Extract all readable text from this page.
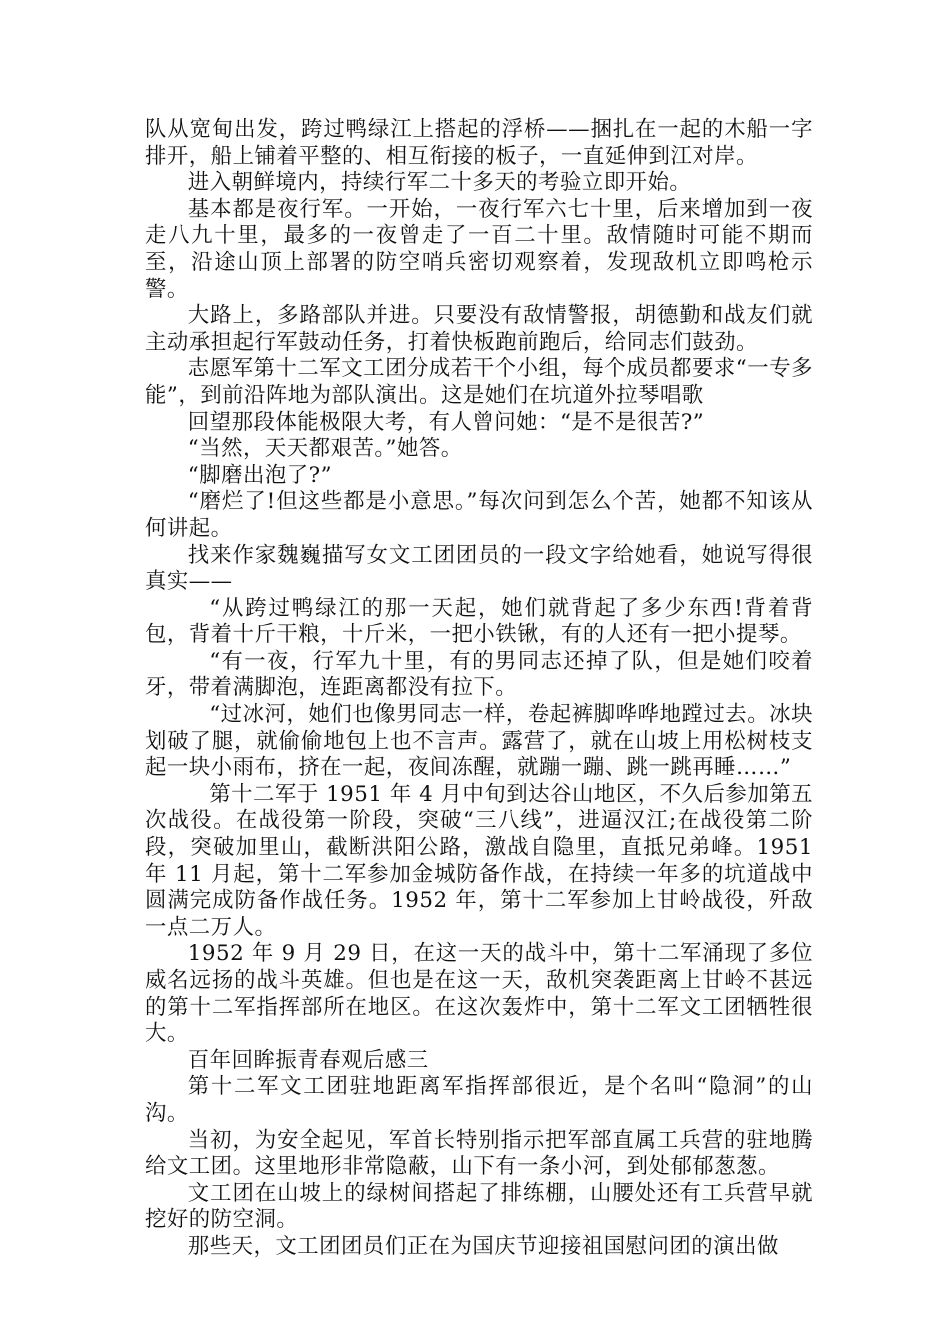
队从宽甸出发，跨过鸭绿江上搭起的浮桥——捆扎在一起的木船一字排开，船上铺着平整的、相互衔接的板子，一直延伸到江对岸。

进入朝鲜境内，持续行军二十多天的考验立即开始。

基本都是夜行军。一开始，一夜行军六七十里，后来增加到一夜走八九十里，最多的一夜曾走了一百二十里。敌情随时可能不期而至，沿途山顶上部署的防空哨兵密切观察着，发现敌机立即鸣枪示警。

大路上，多路部队并进。只要没有敌情警报，胡德勤和战友们就主动承担起行军鼓动任务，打着快板跑前跑后，给同志们鼓劲。

志愿军第十二军文工团分成若干个小组，每个成员都要求“一专多能”，到前沿阵地为部队演出。这是她们在坑道外拉琴唱歌

回望那段体能极限大考，有人曾问她：“是不是很苦?”

“当然，天天都艰苦。”她答。

“脚磨出泡了?”

“磨烂了!但这些都是小意思。”每次问到怎么个苦，她都不知该从何讲起。

找来作家魏巍描写女文工团团员的一段文字给她看，她说写得很真实——

“从跨过鸭绿江的那一天起，她们就背起了多少东西!背着背包，背着十斤干粮，十斤米，一把小铁锹，有的人还有一把小提琴。

“有一夜，行军九十里，有的男同志还掉了队，但是她们咬着牙，带着满脚泡，连距离都没有拉下。

“过冰河，她们也像男同志一样，卷起裤脚哗哗地蹚过去。冰块划破了腿，就偷偷地包上也不言声。露营了，就在山坡上用松树枝支起一块小雨布，挤在一起，夜间冻醒，就蹦一蹦、跳一跳再睡……”

第十二军于 1951 年 4 月中旬到达谷山地区，不久后参加第五次战役。在战役第一阶段，突破“三八线”，进逼汉江;在战役第二阶段，突破加里山，截断洪阳公路，激战自隐里，直抵兄弟峰。1951 年 11 月起，第十二军参加金城防备作战，在持续一年多的坑道战中圆满完成防备作战任务。1952 年，第十二军参加上甘岭战役，歼敌一点二万人。

1952 年 9 月 29 日，在这一天的战斗中，第十二军涌现了多位威名远扬的战斗英雄。但也是在这一天，敌机突袭距离上甘岭不甚远的第十二军指挥部所在地区。在这次轰炸中，第十二军文工团牺牲很大。

百年回眸振青春观后感三

第十二军文工团驻地距离军指挥部很近，是个名叫“隐洞”的山沟。

当初，为安全起见，军首长特别指示把军部直属工兵营的驻地腾给文工团。这里地形非常隐蔽，山下有一条小河，到处郁郁葱葱。

文工团在山坡上的绿树间搭起了排练棚，山腰处还有工兵营早就挖好的防空洞。

那些天，文工团团员们正在为国庆节迎接祖国慰问团的演出做
